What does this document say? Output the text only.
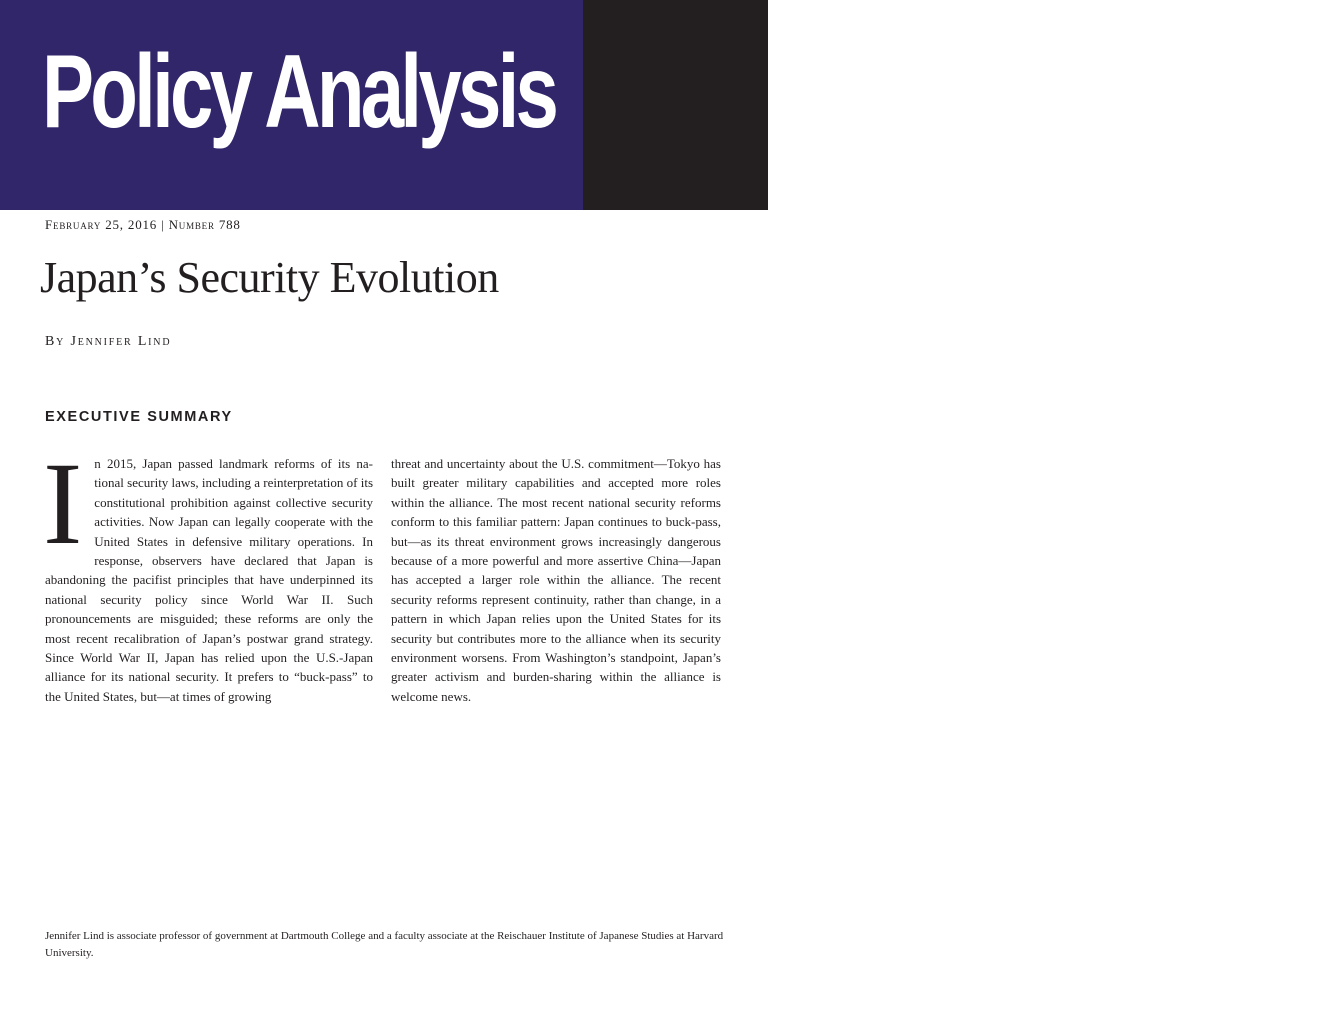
Policy Analysis	CATO
INSTITUTE
February 25, 2016 | Number 788
Japan’s Security Evolution
By Jennifer Lind
EXECUTIVE SUMMARY
I n 2015, Japan passed landmark reforms of its national security laws, including a reinterpretation of its constitutional prohibition against collective security activities. Now Japan can legally cooperate with the United States in defensive military operations. In response, observers have declared that Japan is abandoning the pacifist principles that have underpinned its national security policy since World War II. Such pronouncements are misguided; these reforms are only the most recent recalibration of Japan’s postwar grand strategy. Since World War II, Japan has relied upon the U.S.-Japan alliance for its national security. It prefers to “buck-pass” to the United States, but—at times of growing

threat and uncertainty about the U.S. commitment—Tokyo has built greater military capabilities and accepted more roles within the alliance. The most recent national security reforms conform to this familiar pattern: Japan continues to buck-pass, but—as its threat environment grows increasingly dangerous because of a more powerful and more assertive China—Japan has accepted a larger role within the alliance. The recent security reforms represent continuity, rather than change, in a pattern in which Japan relies upon the United States for its security but contributes more to the alliance when its security environment worsens. From Washington’s standpoint, Japan’s greater activism and burden-sharing within the alliance is welcome news.

Jennifer Lind is associate professor of government at Dartmouth College and a faculty associate at the Reischauer Institute of Japanese Studies at Harvard University.
